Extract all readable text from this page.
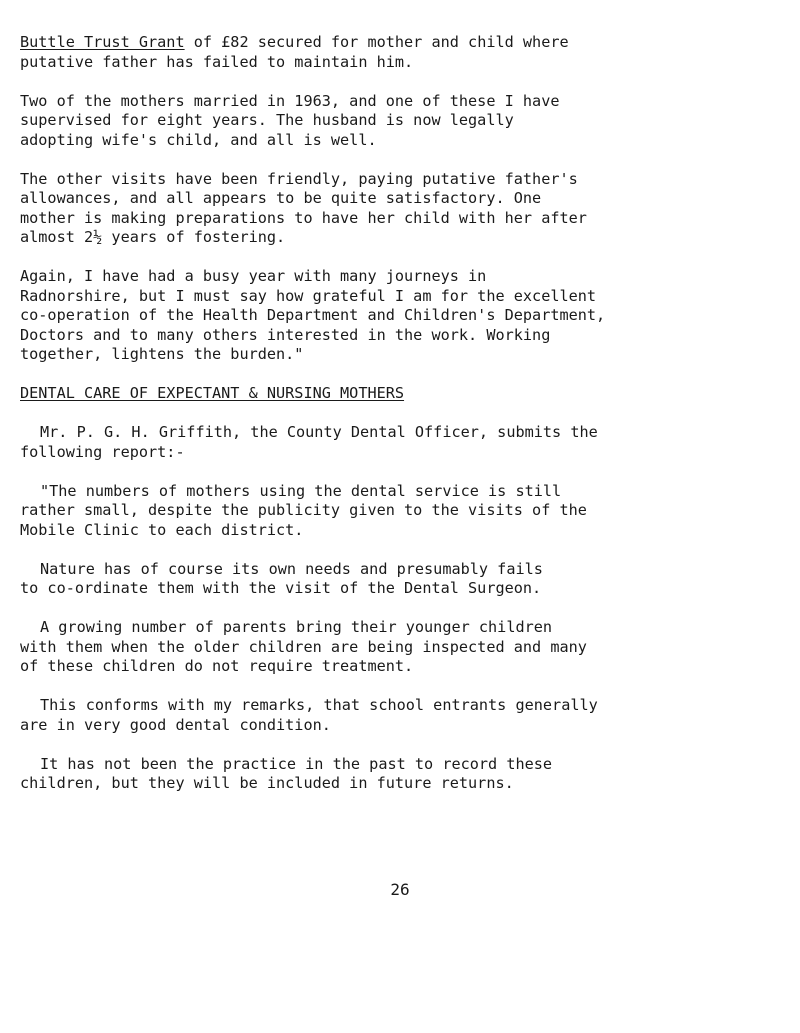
Buttle Trust Grant of £82 secured for mother and child where
putative father has failed to maintain him.

Two of the mothers married in 1963, and one of these I have
supervised for eight years. The husband is now legally
adopting wife's child, and all is well.

The other visits have been friendly, paying putative father's
allowances, and all appears to be quite satisfactory. One
mother is making preparations to have her child with her after
almost 2½ years of fostering.

Again, I have had a busy year with many journeys in
Radnorshire, but I must say how grateful I am for the excellent
co-operation of the Health Department and Children's Department,
Doctors and to many others interested in the work. Working
together, lightens the burden."

DENTAL CARE OF EXPECTANT & NURSING MOTHERS

Mr. P. G. H. Griffith, the County Dental Officer, submits the
following report:-

"The numbers of mothers using the dental service is still
rather small, despite the publicity given to the visits of the
Mobile Clinic to each district.

Nature has of course its own needs and presumably fails
to co-ordinate them with the visit of the Dental Surgeon.

A growing number of parents bring their younger children
with them when the older children are being inspected and many
of these children do not require treatment.

This conforms with my remarks, that school entrants generally
are in very good dental condition.

It has not been the practice in the past to record these
children, but they will be included in future returns.

26
